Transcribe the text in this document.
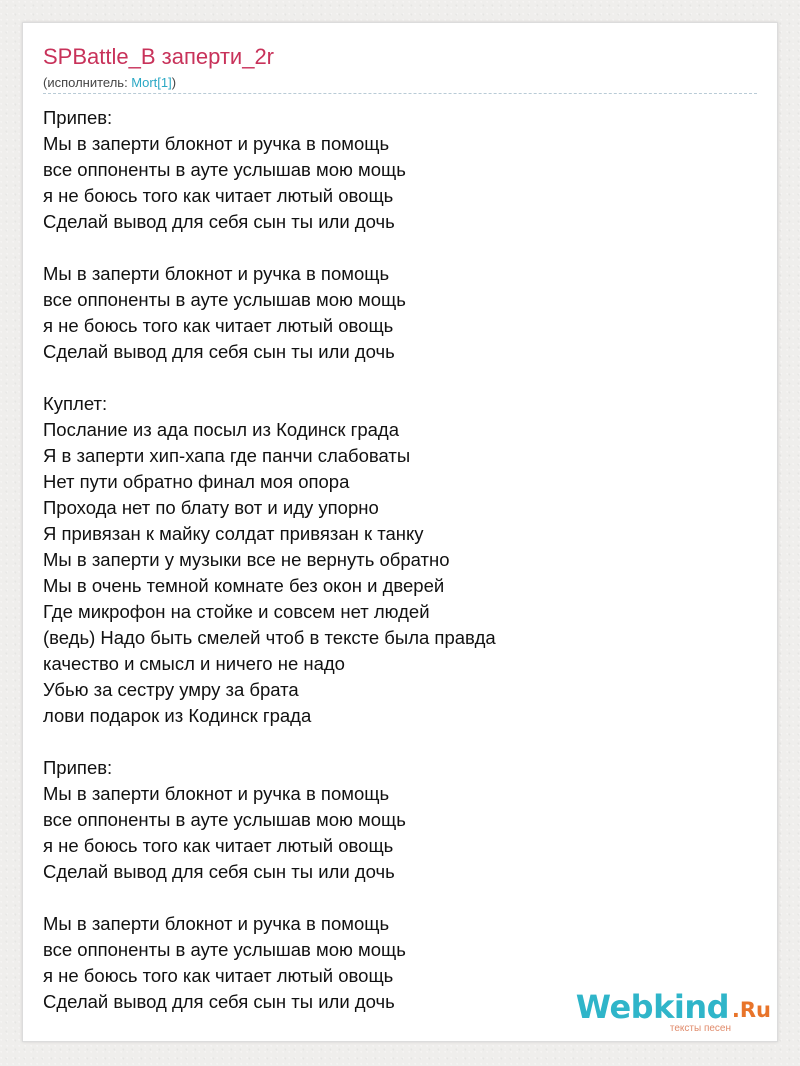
SPBattle_В заперти_2r
(исполнитель: Mort[1])
Припев:
Мы в заперти блокнот и ручка в помощь
все оппоненты в ауте услышав мою мощь
я не боюсь того как читает лютый овощь
Сделай вывод для себя сын ты или дочь

Мы в заперти блокнот и ручка в помощь
все оппоненты в ауте услышав мою мощь
я не боюсь того как читает лютый овощь
Сделай вывод для себя сын ты или дочь

Куплет:
Послание из ада посыл из Кодинск града
Я в заперти хип-хапа где панчи слабоваты
Нет пути обратно финал моя опора
Прохода нет по блату вот и иду упорно
Я привязан к майку солдат привязан к танку
Мы в заперти у музыки все не вернуть обратно
Мы в очень темной комнате без окон и дверей
Где микрофон на стойке и совсем нет людей
(ведь) Надо быть смелей чтоб в тексте была правда
качество и смысл и ничего не надо
Убью за сестру умру за брата
лови подарок из Кодинск града

Припев:
Мы в заперти блокнот и ручка в помощь
все оппоненты в ауте услышав мою мощь
я не боюсь того как читает лютый овощь
Сделай вывод для себя сын ты или дочь

Мы в заперти блокнот и ручка в помощь
все оппоненты в ауте услышав мою мощь
я не боюсь того как читает лютый овощь
Сделай вывод для себя сын ты или дочь	Webkind .Ru
тексты песен
